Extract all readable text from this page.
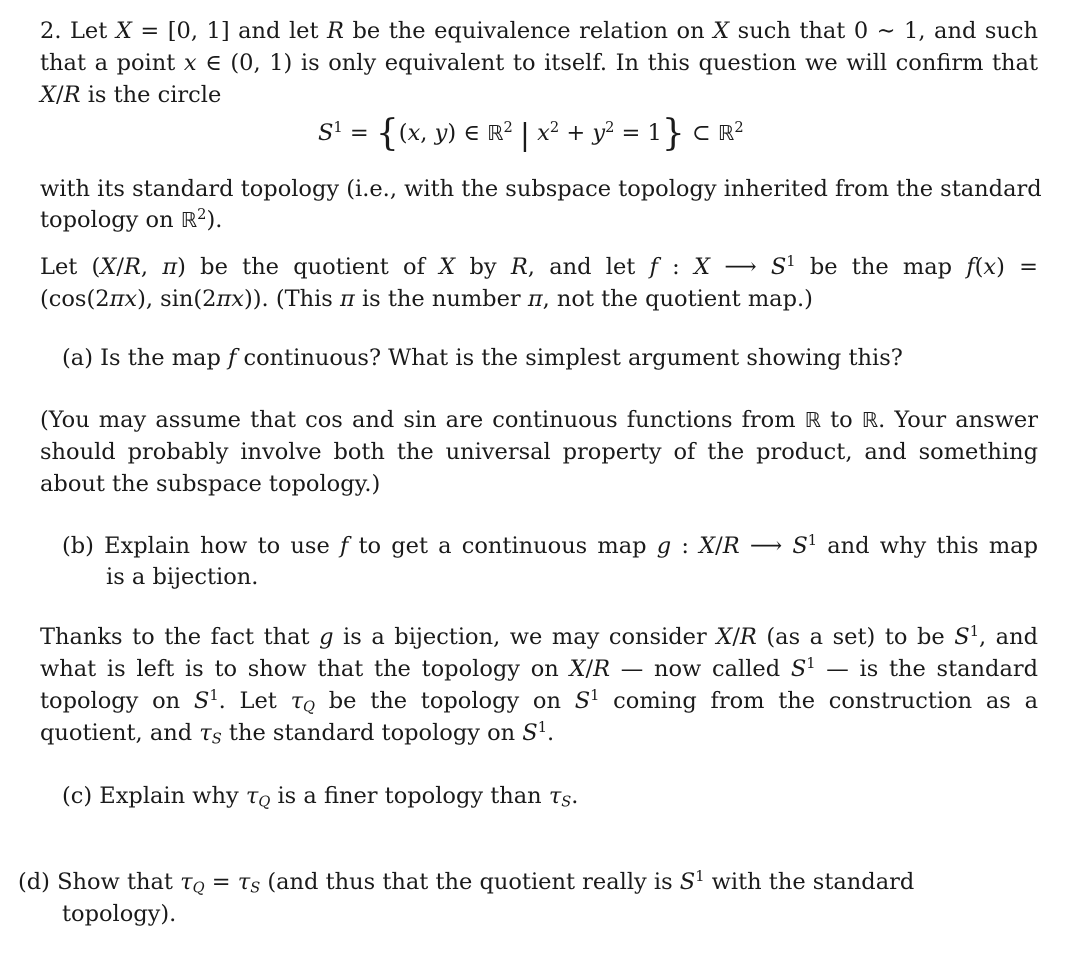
2. Let X = [0, 1] and let R be the equivalence relation on X such that 0 ∼ 1, and such
that a point x ∈ (0, 1) is only equivalent to itself. In this question we will confirm that
X/R is the circle
$S^1 = \{(x$, y) ∈ ℝ$^2$ | $x^2 + y^2 = 1$} ⊂ ℝ$^2$
with its standard topology (i.e., with the subspace topology inherited from the standard
topology on ℝ$^2$).
Let (X/R, π) be the quotient of X by R, and let f : X ⟶ $S^1$ be the map f(x) =
(cos(2πx), sin(2πx)). (This π is the number π, not the quotient map.)
(a) Is the map f continuous? What is the simplest argument showing this?
(You may assume that cos and sin are continuous functions from ℝ to ℝ. Your answer
should probably involve both the universal property of the product, and something
about the subspace topology.)
(b) Explain how to use f to get a continuous map g : X/R ⟶ $S^1$ and why this map
is a bijection.
Thanks to the fact that g is a bijection, we may consider X/R (as a set) to be $S^1$, and
what is left is to show that the topology on X/R — now called $S^1$ — is the standard
topology on $S^1$. Let $\tau_Q$ be the topology on $S^1$ coming from the construction as a
quotient, and $\tau_S$ the standard topology on $S^1$.
(c) Explain why $\tau_Q$ is a finer topology than $\tau_S$.
(d) Show that $\tau_Q = \tau_S$ (and thus that the quotient really is $S^1$ with the standard
topology).
